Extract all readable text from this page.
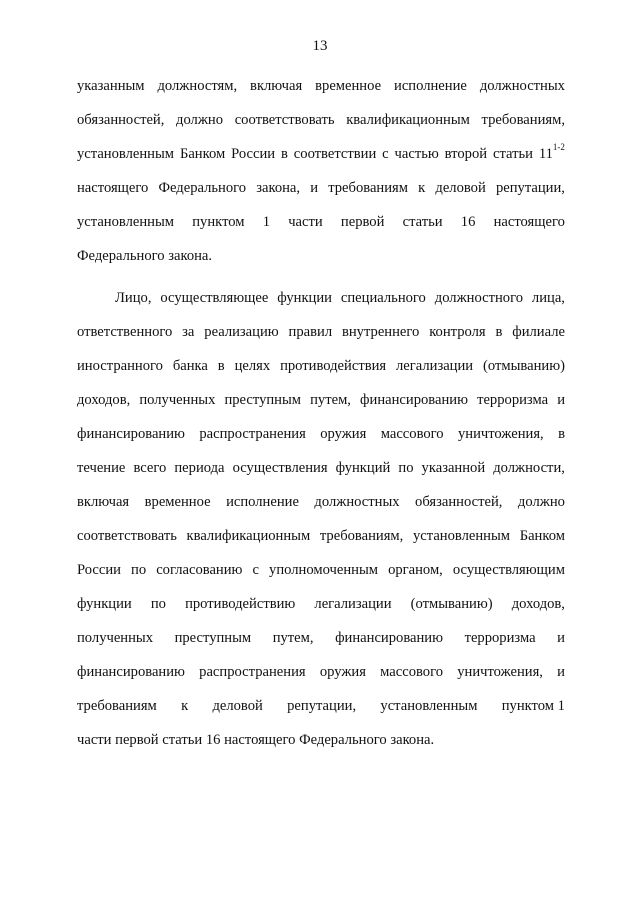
13
указанным должностям, включая временное исполнение должностных
обязанностей, должно соответствовать квалификационным требованиям,
установленным Банком России в соответствии с частью второй статьи 11$^{1-2}$
настоящего Федерального закона, и требованиям к деловой репутации,
установленным пунктом 1 части первой статьи 16 настоящего
Федерального закона.
Лицо, осуществляющее функции специального должностного лица,
ответственного за реализацию правил внутреннего контроля в филиале
иностранного банка в целях противодействия легализации (отмыванию)
доходов, полученных преступным путем, финансированию терроризма и
финансированию распространения оружия массового уничтожения, в
течение всего периода осуществления функций по указанной должности,
включая временное исполнение должностных обязанностей, должно
соответствовать квалификационным требованиям, установленным Банком
России по согласованию с уполномоченным органом, осуществляющим
функции по противодействию легализации (отмыванию) доходов,
полученных преступным путем, финансированию терроризма и
финансированию распространения оружия массового уничтожения, и
требованиям к деловой репутации, установленным пунктом 1
части первой статьи 16 настоящего Федерального закона.
